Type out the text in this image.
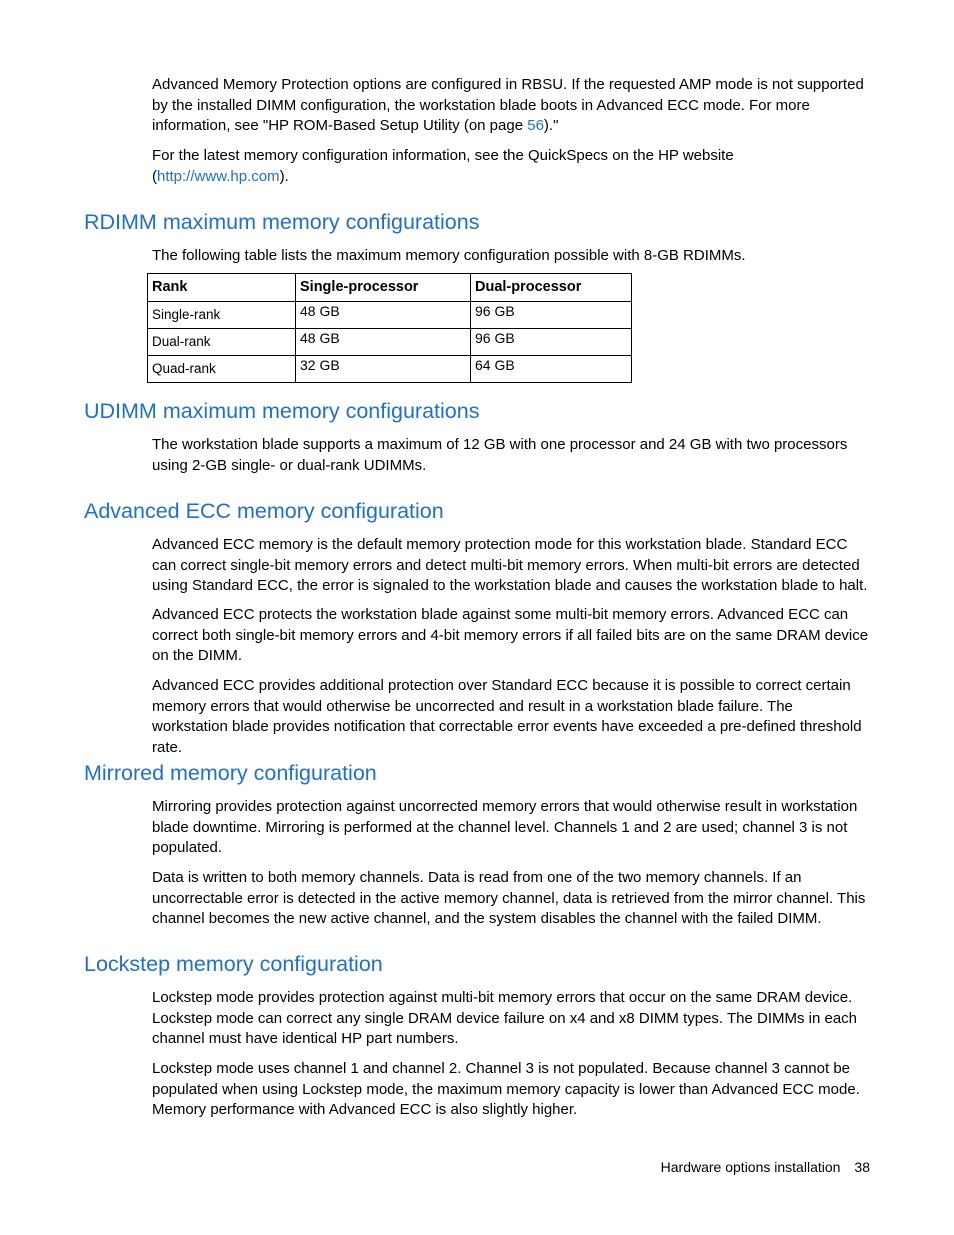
Advanced Memory Protection options are configured in RBSU. If the requested AMP mode is not supported by the installed DIMM configuration, the workstation blade boots in Advanced ECC mode. For more information, see "HP ROM-Based Setup Utility (on page 56)."

For the latest memory configuration information, see the QuickSpecs on the HP website (http://www.hp.com).

RDIMM maximum memory configurations

The following table lists the maximum memory configuration possible with 8-GB RDIMMs.

Rank	Single-processor	Dual-processor
Single-rank	48 GB	96 GB
Dual-rank	48 GB	96 GB
Quad-rank	32 GB	64 GB
UDIMM maximum memory configurations

The workstation blade supports a maximum of 12 GB with one processor and 24 GB with two processors using 2-GB single- or dual-rank UDIMMs.

Advanced ECC memory configuration

Advanced ECC memory is the default memory protection mode for this workstation blade. Standard ECC can correct single-bit memory errors and detect multi-bit memory errors. When multi-bit errors are detected using Standard ECC, the error is signaled to the workstation blade and causes the workstation blade to halt.

Advanced ECC protects the workstation blade against some multi-bit memory errors. Advanced ECC can correct both single-bit memory errors and 4-bit memory errors if all failed bits are on the same DRAM device on the DIMM.

Advanced ECC provides additional protection over Standard ECC because it is possible to correct certain memory errors that would otherwise be uncorrected and result in a workstation blade failure. The workstation blade provides notification that correctable error events have exceeded a pre-defined threshold rate.

Mirrored memory configuration

Mirroring provides protection against uncorrected memory errors that would otherwise result in workstation blade downtime. Mirroring is performed at the channel level. Channels 1 and 2 are used; channel 3 is not populated.

Data is written to both memory channels. Data is read from one of the two memory channels. If an uncorrectable error is detected in the active memory channel, data is retrieved from the mirror channel. This channel becomes the new active channel, and the system disables the channel with the failed DIMM.

Lockstep memory configuration

Lockstep mode provides protection against multi-bit memory errors that occur on the same DRAM device. Lockstep mode can correct any single DRAM device failure on x4 and x8 DIMM types. The DIMMs in each channel must have identical HP part numbers.

Lockstep mode uses channel 1 and channel 2. Channel 3 is not populated. Because channel 3 cannot be populated when using Lockstep mode, the maximum memory capacity is lower than Advanced ECC mode. Memory performance with Advanced ECC is also slightly higher.

Hardware options installation 38
